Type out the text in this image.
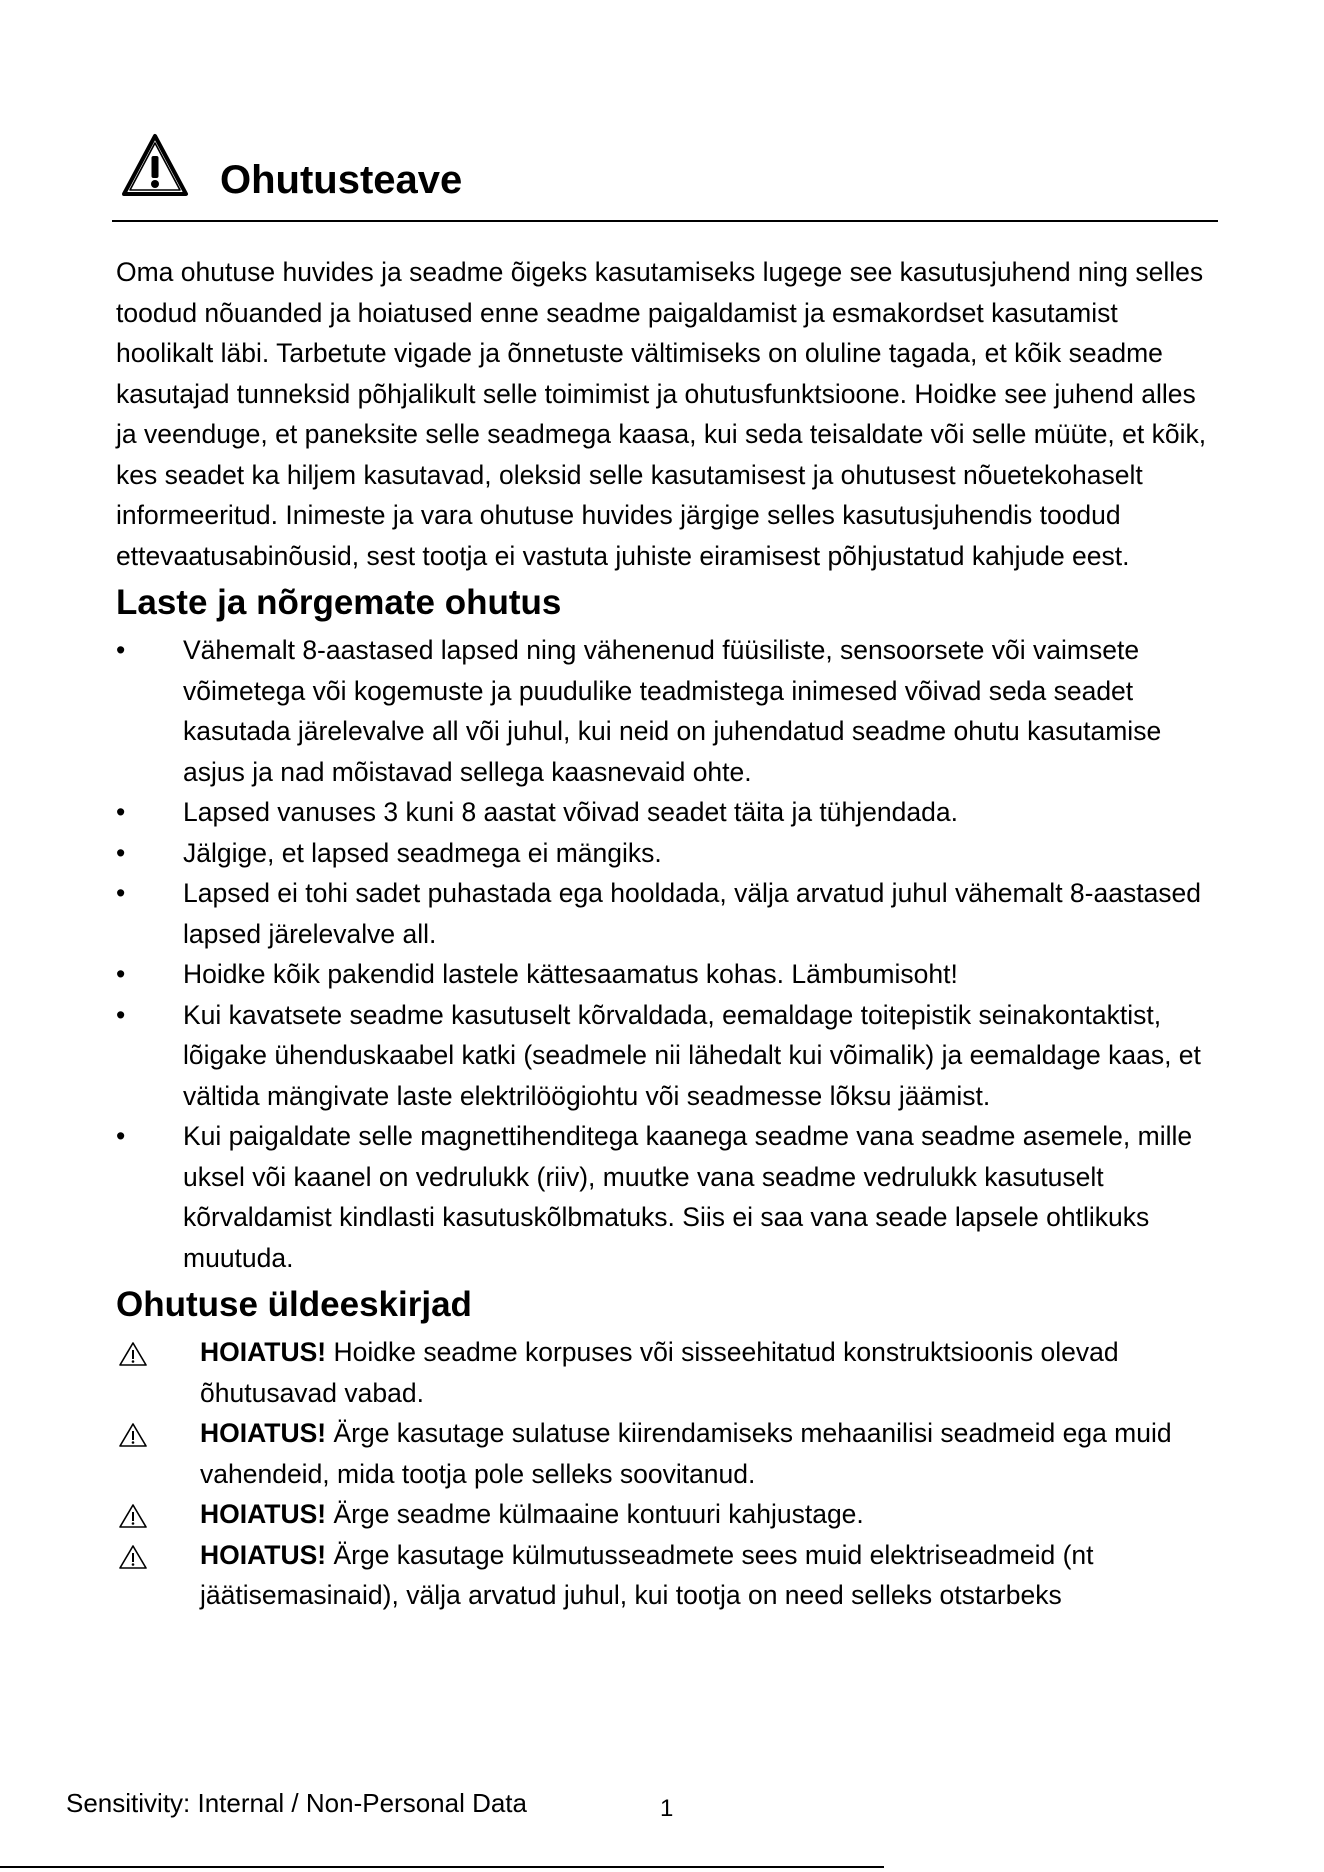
Ohutusteave

Oma ohutuse huvides ja seadme õigeks kasutamiseks lugege see kasutusjuhend ning selles toodud nõuanded ja hoiatused enne seadme paigaldamist ja esmakordset kasutamist hoolikalt läbi. Tarbetute vigade ja õnnetuste vältimiseks on oluline tagada, et kõik seadme kasutajad tunneksid põhjalikult selle toimimist ja ohutusfunktsioone. Hoidke see juhend alles ja veenduge, et paneksite selle seadmega kaasa, kui seda teisaldate või selle müüte, et kõik, kes seadet ka hiljem kasutavad, oleksid selle kasutamisest ja ohutusest nõuetekohaselt informeeritud. Inimeste ja vara ohutuse huvides järgige selles kasutusjuhendis toodud ettevaatusabinõusid, sest tootja ei vastuta juhiste eiramisest põhjustatud kahjude eest.

Laste ja nõrgemate ohutus
•	Vähemalt 8-aastased lapsed ning vähenenud füüsiliste, sensoorsete või vaimsete võimetega või kogemuste ja puudulike teadmistega inimesed võivad seda seadet kasutada järelevalve all või juhul, kui neid on juhendatud seadme ohutu kasutamise asjus ja nad mõistavad sellega kaasnevaid ohte.
•	Lapsed vanuses 3 kuni 8 aastat võivad seadet täita ja tühjendada.
•	Jälgige, et lapsed seadmega ei mängiks.
•	Lapsed ei tohi sadet puhastada ega hooldada, välja arvatud juhul vähemalt 8-aastased lapsed järelevalve all.
•	Hoidke kõik pakendid lastele kättesaamatus kohas. Lämbumisoht!
•	Kui kavatsete seadme kasutuselt kõrvaldada, eemaldage toitepistik seinakontaktist, lõigake ühenduskaabel katki (seadmele nii lähedalt kui võimalik) ja eemaldage kaas, et vältida mängivate laste elektrilöögiohtu või seadmesse lõksu jäämist.
•	Kui paigaldate selle magnettihenditega kaanega seadme vana seadme asemele, mille uksel või kaanel on vedrulukk (riiv), muutke vana seadme vedrulukk kasutuselt kõrvaldamist kindlasti kasutuskõlbmatuks. Siis ei saa vana seade lapsele ohtlikuks muutuda.
Ohutuse üldeeskirjad
HOIATUS! Hoidke seadme korpuses või sisseehitatud konstruktsioonis olevad õhutusavad vabad.
HOIATUS! Ärge kasutage sulatuse kiirendamiseks mehaanilisi seadmeid ega muid vahendeid, mida tootja pole selleks soovitanud.
HOIATUS! Ärge seadme külmaaine kontuuri kahjustage.
HOIATUS! Ärge kasutage külmutusseadmete sees muid elektriseadmeid (nt jäätisemasinaid), välja arvatud juhul, kui tootja on need selleks otstarbeks
Sensitivity: Internal / Non-Personal Data	1
